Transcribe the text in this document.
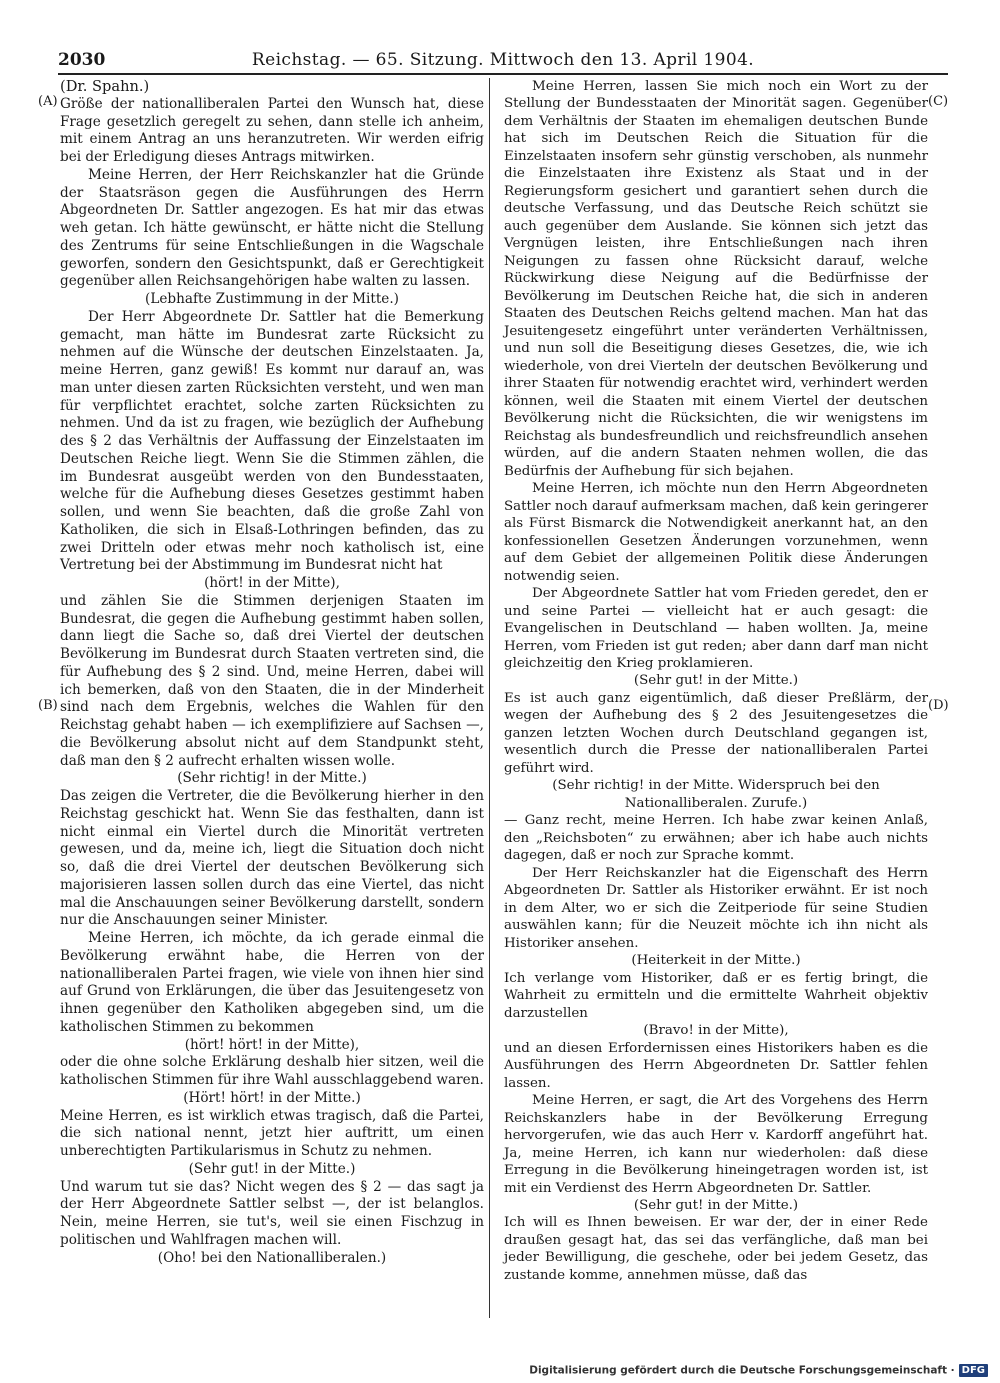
2030	Reichstag. — 65. Sitzung. Mittwoch den 13. April 1904.
(A)
(B)
(C)
(D)

(Dr. Spahn.)

Größe der nationalliberalen Partei den Wunsch hat, diese Frage gesetzlich geregelt zu sehen, dann stelle ich anheim, mit einem Antrag an uns heranzutreten. Wir werden eifrig bei der Erledigung dieses Antrags mitwirken.

Meine Herren, der Herr Reichskanzler hat die Gründe der Staatsräson gegen die Ausführungen des Herrn Abgeordneten Dr. Sattler angezogen. Es hat mir das etwas weh getan. Ich hätte gewünscht, er hätte nicht die Stellung des Zentrums für seine Entschließungen in die Wagschale geworfen, sondern den Gesichtspunkt, daß er Gerechtigkeit gegenüber allen Reichsangehörigen habe walten zu lassen.

(Lebhafte Zustimmung in der Mitte.)

Der Herr Abgeordnete Dr. Sattler hat die Bemerkung gemacht, man hätte im Bundesrat zarte Rücksicht zu nehmen auf die Wünsche der deutschen Einzelstaaten. Ja, meine Herren, ganz gewiß! Es kommt nur darauf an, was man unter diesen zarten Rücksichten versteht, und wen man für verpflichtet erachtet, solche zarten Rücksichten zu nehmen. Und da ist zu fragen, wie bezüglich der Aufhebung des § 2 das Verhältnis der Auffassung der Einzelstaaten im Deutschen Reiche liegt. Wenn Sie die Stimmen zählen, die im Bundesrat ausgeübt werden von den Bundesstaaten, welche für die Aufhebung dieses Gesetzes gestimmt haben sollen, und wenn Sie beachten, daß die große Zahl von Katholiken, die sich in Elsaß-Lothringen befinden, das zu zwei Dritteln oder etwas mehr noch katholisch ist, eine Vertretung bei der Abstimmung im Bundesrat nicht hat

(hört! in der Mitte),

und zählen Sie die Stimmen derjenigen Staaten im Bundesrat, die gegen die Aufhebung gestimmt haben sollen, dann liegt die Sache so, daß drei Viertel der deutschen Bevölkerung im Bundesrat durch Staaten vertreten sind, die für Aufhebung des § 2 sind. Und, meine Herren, dabei will ich bemerken, daß von den Staaten, die in der Minderheit sind nach dem Ergebnis, welches die Wahlen für den Reichstag gehabt haben — ich exemplifiziere auf Sachsen —, die Bevölkerung absolut nicht auf dem Standpunkt steht, daß man den § 2 aufrecht erhalten wissen wolle.

(Sehr richtig! in der Mitte.)

Das zeigen die Vertreter, die die Bevölkerung hierher in den Reichstag geschickt hat. Wenn Sie das festhalten, dann ist nicht einmal ein Viertel durch die Minorität vertreten gewesen, und da, meine ich, liegt die Situation doch nicht so, daß die drei Viertel der deutschen Bevölkerung sich majorisieren lassen sollen durch das eine Viertel, das nicht mal die Anschauungen seiner Bevölkerung darstellt, sondern nur die Anschauungen seiner Minister.

Meine Herren, ich möchte, da ich gerade einmal die Bevölkerung erwähnt habe, die Herren von der nationalliberalen Partei fragen, wie viele von ihnen hier sind auf Grund von Erklärungen, die über das Jesuitengesetz von ihnen gegenüber den Katholiken abgegeben sind, um die katholischen Stimmen zu bekommen

(hört! hört! in der Mitte),

oder die ohne solche Erklärung deshalb hier sitzen, weil die katholischen Stimmen für ihre Wahl ausschlaggebend waren.

(Hört! hört! in der Mitte.)

Meine Herren, es ist wirklich etwas tragisch, daß die Partei, die sich national nennt, jetzt hier auftritt, um einen unberechtigten Partikularismus in Schutz zu nehmen.

(Sehr gut! in der Mitte.)

Und warum tut sie das? Nicht wegen des § 2 — das sagt ja der Herr Abgeordnete Sattler selbst —, der ist belanglos. Nein, meine Herren, sie tut's, weil sie einen Fischzug in politischen und Wahlfragen machen will.

(Oho! bei den Nationalliberalen.)

Meine Herren, lassen Sie mich noch ein Wort zu der Stellung der Bundesstaaten der Minorität sagen. Gegenüber dem Verhältnis der Staaten im ehemaligen deutschen Bunde hat sich im Deutschen Reich die Situation für die Einzelstaaten insofern sehr günstig verschoben, als nunmehr die Einzelstaaten ihre Existenz als Staat und in der Regierungsform gesichert und garantiert sehen durch die deutsche Verfassung, und das Deutsche Reich schützt sie auch gegenüber dem Auslande. Sie können sich jetzt das Vergnügen leisten, ihre Entschließungen nach ihren Neigungen zu fassen ohne Rücksicht darauf, welche Rückwirkung diese Neigung auf die Bedürfnisse der Bevölkerung im Deutschen Reiche hat, die sich in anderen Staaten des Deutschen Reichs geltend machen. Man hat das Jesuitengesetz eingeführt unter veränderten Verhältnissen, und nun soll die Beseitigung dieses Gesetzes, die, wie ich wiederhole, von drei Vierteln der deutschen Bevölkerung und ihrer Staaten für notwendig erachtet wird, verhindert werden können, weil die Staaten mit einem Viertel der deutschen Bevölkerung nicht die Rücksichten, die wir wenigstens im Reichstag als bundesfreundlich und reichsfreundlich ansehen würden, auf die andern Staaten nehmen wollen, die das Bedürfnis der Aufhebung für sich bejahen.

Meine Herren, ich möchte nun den Herrn Abgeordneten Sattler noch darauf aufmerksam machen, daß kein geringerer als Fürst Bismarck die Notwendigkeit anerkannt hat, an den konfessionellen Gesetzen Änderungen vorzunehmen, wenn auf dem Gebiet der allgemeinen Politik diese Änderungen notwendig seien.

Der Abgeordnete Sattler hat vom Frieden geredet, den er und seine Partei — vielleicht hat er auch gesagt: die Evangelischen in Deutschland — haben wollten. Ja, meine Herren, vom Frieden ist gut reden; aber dann darf man nicht gleichzeitig den Krieg proklamieren.

(Sehr gut! in der Mitte.)

Es ist auch ganz eigentümlich, daß dieser Preßlärm, der wegen der Aufhebung des § 2 des Jesuitengesetzes die ganzen letzten Wochen durch Deutschland gegangen ist, wesentlich durch die Presse der nationalliberalen Partei geführt wird.

(Sehr richtig! in der Mitte. Widerspruch bei den Nationalliberalen. Zurufe.)

— Ganz recht, meine Herren. Ich habe zwar keinen Anlaß, den „Reichsboten“ zu erwähnen; aber ich habe auch nichts dagegen, daß er noch zur Sprache kommt.

Der Herr Reichskanzler hat die Eigenschaft des Herrn Abgeordneten Dr. Sattler als Historiker erwähnt. Er ist noch in dem Alter, wo er sich die Zeitperiode für seine Studien auswählen kann; für die Neuzeit möchte ich ihn nicht als Historiker ansehen.

(Heiterkeit in der Mitte.)

Ich verlange vom Historiker, daß er es fertig bringt, die Wahrheit zu ermitteln und die ermittelte Wahrheit objektiv darzustellen

(Bravo! in der Mitte),

und an diesen Erfordernissen eines Historikers haben es die Ausführungen des Herrn Abgeordneten Dr. Sattler fehlen lassen.

Meine Herren, er sagt, die Art des Vorgehens des Herrn Reichskanzlers habe in der Bevölkerung Erregung hervorgerufen, wie das auch Herr v. Kardorff angeführt hat. Ja, meine Herren, ich kann nur wiederholen: daß diese Erregung in die Bevölkerung hineingetragen worden ist, ist mit ein Verdienst des Herrn Abgeordneten Dr. Sattler.

(Sehr gut! in der Mitte.)

Ich will es Ihnen beweisen. Er war der, der in einer Rede draußen gesagt hat, das sei das verfängliche, daß man bei jeder Bewilligung, die geschehe, oder bei jedem Gesetz, das zustande komme, annehmen müsse, daß das

Digitalisierung gefördert durch die Deutsche Forschungsgemeinschaft · DFG
